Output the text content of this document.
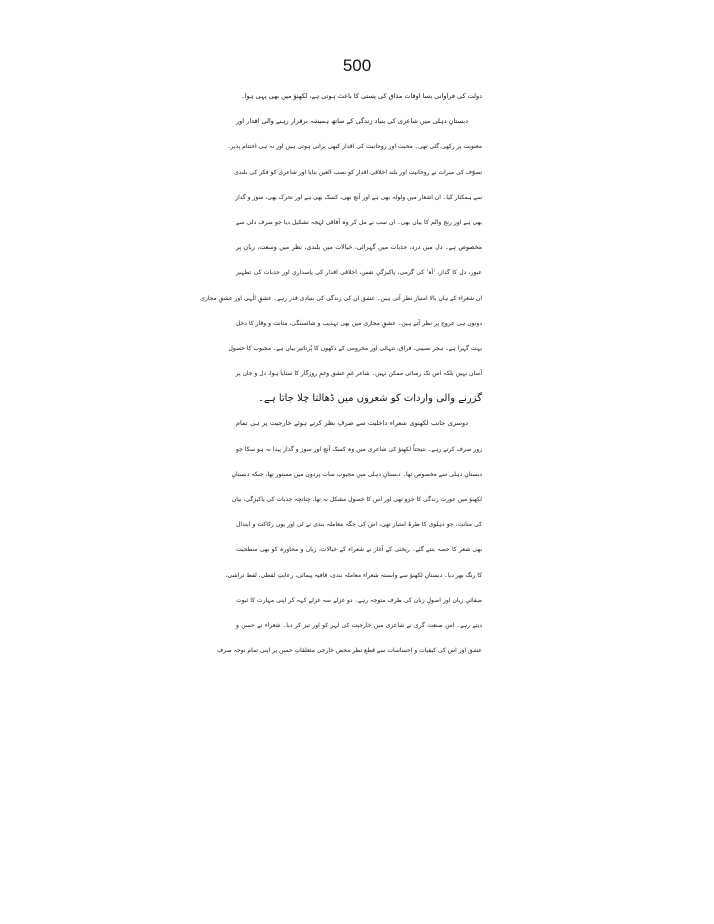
500
دولت کی فراوانی بسا اوقات مذاق کی پستی کا باعث ہوتی ہے، لکھنؤ میں بھی یہی ہوا۔
دبستانِ دہلی میں شاعری کی بنیاد زندگی کے ساتھ ہمیشہ برقرار رہنے والی اقدار اور
معنویت پر رکھی گئی تھی۔ محبت اور روحانیت کی اقدار کبھی پرانی ہوتی ہیں اور نہ ہی اختتام پذیر۔
تصوّف کی میراث نے روحانیت اور بلند اخلاقی اقدار کو نصب العین بنایا اور شاعری کو فکر کی بلندی
سے ہمکنار کیا۔ ان اشعار میں ولولہ بھی ہے اور آنچ بھی، کسک بھی ہے اور تحرک بھی، سوز و گداز
بھی ہے اور رنج والم کا بیان بھی۔ ان سب نے مل کر وہ آفاقی لہجہ تشکیل دیا جو صرف دلی سے
مخصوص ہے۔ دل میں درد، جذبات میں گہرائی، خیالات میں بلندی، نظر میں وسعت، زبان پر
عبور، دل کا گداز، 'آہ' کی گرمی، پاکیزگیِ نفس، اخلاقی اقدار کی پاسداری اور جذبات کی تطہیر
ان شعراء کے ہاں بالا امتیاز نظر آتی ہیں۔ عشق ان کی زندگی کی بنیادی قدر رہے۔ عشقِ الٰہی اور عشقِ مجازی
دونوں ہی عروج پر نظر آتے ہیں۔ عشقِ مجازی میں بھی تہذیب و شائستگی، متانت و وقار کا دخل
بہت گہرا ہے۔ ہجر نصیبی، فراق، تنہائی اور محرومی کے دکھوں کا پُرتاثیر بیان ہے۔ محبوب کا حصول
آسان نہیں بلکہ اس تک رسائی ممکن نہیں۔ شاعر غمِ عشق وغمِ روزگار کا ستایا ہوا، دل و جاں پر
گزرنے والی واردات کو شعروں میں ڈھالتا چلا جاتا ہے۔
دوسری جانب لکھنوی شعراء داخلیت سے صرفِ نظر کرتے ہوئے خارجیت پر ہی تمام
زور صرف کرتے رہے۔ نتیجتاً لکھنؤ کی شاعری میں وہ کسک آنچ اور سوز و گداز پیدا نہ ہو سکا جو
دبستانِ دہلی سے مخصوص تھا۔ دبستانِ دہلی میں محبوب سات پردوں میں مستور تھا، جبکہ دبستانِ
لکھنؤ میں عورت زندگی کا جزو تھی اور اس کا حصول مشکل نہ تھا، چنانچہ جذبات کی پاکیزگی، بیان
کی متانت، جو دہلوی کا طرۂ امتیاز تھی، اس کی جگہ معاملہ بندی نے لی اور یوں رکاکت و ابتذال
بھی شعر کا حصہ بنتے گئے۔ ریختی کے آغاز نے شعراء کے خیالات، زبان و محاورہ کو بھی سطحیت
کا رنگ بھر دیا۔ دبستانِ لکھنؤ سے وابستہ شعراء معاملہ بندی، قافیہ پیمائی، رعایتِ لفظی، لفظ تراشی،
صفائیِ زبان اور اصولِ زبان کی طرف متوجہ رہے۔ دو غزلے سہ غزلے کہہ کر اپنی مہارت کا ثبوت
دیتے رہے۔ اس صنعت گری نے شاعری میں خارجیت کی لہر کو اور تیز کر دیا۔ شعراء نے حسن و
عشق اور اس کی کیفیات و احساسات سے قطع نظر محض خارجی متعلقاتِ حسن پر اپنی تمام توجہ صرف
